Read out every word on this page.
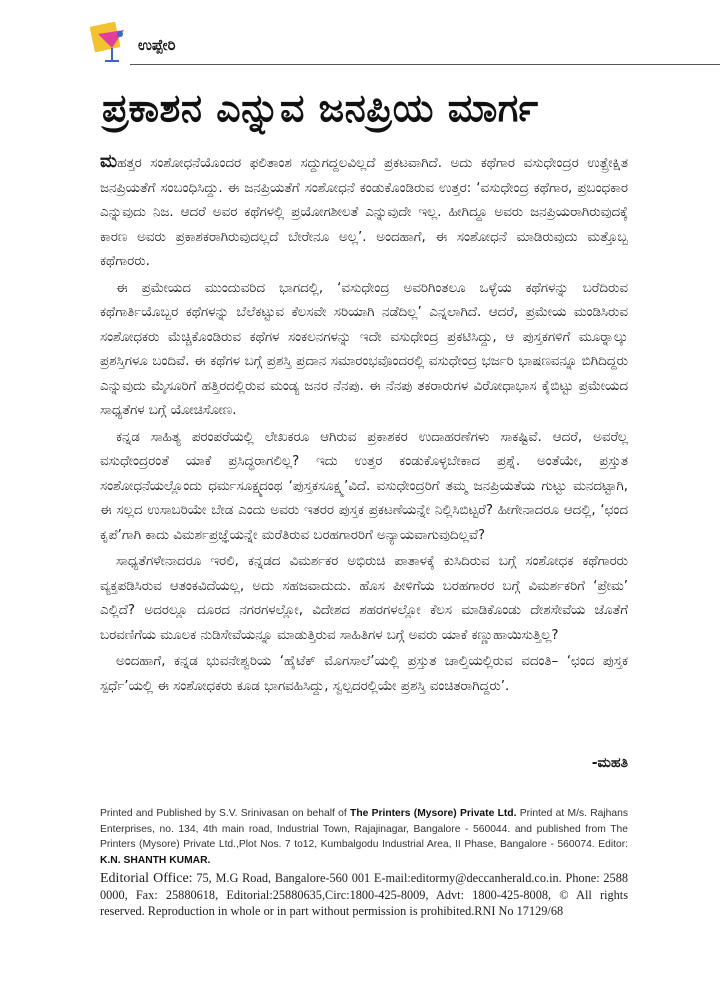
ಉಪ್ಪೇರಿ
ಪ್ರಕಾಶನ ಎನ್ನುವ ಜನಪ್ರಿಯ ಮಾರ್ಗ

ಮಹತ್ತರ ಸಂಶೋಧನೆಯೊಂದರ ಫಲಿತಾಂಶ ಸದ್ದುಗದ್ದಲವಿಲ್ಲದೆ ಪ್ರಕಟವಾಗಿದೆ. ಅದು ಕಥೆಗಾರ ವಸುಧೇಂದ್ರರ ಉತ್ಪ್ರೇಕ್ಷಿತ ಜನಪ್ರಿಯತೆಗೆ ಸಂಬಂಧಿಸಿದ್ದು. ಈ ಜನಪ್ರಿಯತೆಗೆ ಸಂಶೋಧನೆ ಕಂಡುಕೊಂಡಿರುವ ಉತ್ತರ: ‘ವಸುಧೇಂದ್ರ ಕಥೆಗಾರ, ಪ್ರಬಂಧಕಾರ ಎನ್ನುವುದು ನಿಜ. ಆದರೆ ಅವರ ಕಥೆಗಳಲ್ಲಿ ಪ್ರಯೋಗಶೀಲತೆ ಎನ್ನುವುದೇ ಇಲ್ಲ. ಹೀಗಿದ್ದೂ ಅವರು ಜನಪ್ರಿಯರಾಗಿರುವುದಕ್ಕೆ ಕಾರಣ ಅವರು ಪ್ರಕಾಶಕರಾಗಿರುವುದಲ್ಲದೆ ಬೇರೇನೂ ಅಲ್ಲ’. ಅಂದಹಾಗೆ, ಈ ಸಂಶೋಧನೆ ಮಾಡಿರುವುದು ಮತ್ತೊಬ್ಬ ಕಥೆಗಾರರು.

ಈ ಪ್ರಮೇಯದ ಮುಂದುವರಿದ ಭಾಗದಲ್ಲಿ, ‘ವಸುಧೇಂದ್ರ ಅವರಿಗಿಂತಲೂ ಒಳ್ಳೆಯ ಕಥೆಗಳನ್ನು ಬರೆದಿರುವ ಕಥೆಗಾರ್ತಿಯೊಬ್ಬರ ಕಥೆಗಳನ್ನು ಬೆಲೆಕಟ್ಟುವ ಕೆಲಸವೇ ಸರಿಯಾಗಿ ನಡೆದಿಲ್ಲ’ ಎನ್ನಲಾಗಿದೆ. ಆದರೆ, ಪ್ರಮೇಯ ಮಂಡಿಸಿರುವ ಸಂಶೋಧಕರು ಮೆಚ್ಚಿಕೊಂಡಿರುವ ಕಥೆಗಳ ಸಂಕಲನಗಳನ್ನು ಇದೇ ವಸುಧೇಂದ್ರ ಪ್ರಕಟಿಸಿದ್ದು, ಆ ಪುಸ್ತಕಗಳಿಗೆ ಮೂರ್‍ನಾಲ್ಕು ಪ್ರಶಸ್ತಿಗಳೂ ಬಂದಿವೆ. ಈ ಕಥೆಗಳ ಬಗ್ಗೆ ಪ್ರಶಸ್ತಿ ಪ್ರದಾನ ಸಮಾರಂಭವೊಂದರಲ್ಲಿ ವಸುಧೇಂದ್ರ ಭರ್ಜರಿ ಭಾಷಣವನ್ನೂ ಬಿಗಿದಿದ್ದರು ಎನ್ನುವುದು ಮೈಸೂರಿಗೆ ಹತ್ತಿರದಲ್ಲಿರುವ ಮಂಡ್ಯ ಜನರ ನೆನಪು. ಈ ನೆನಪು ತಕರಾರುಗಳ ವಿರೋಧಾಭಾಸ ಕೈಬಿಟ್ಟು ಪ್ರಮೇಯದ ಸಾಧ್ಯತೆಗಳ ಬಗ್ಗೆ ಯೋಚಿಸೋಣ.

ಕನ್ನಡ ಸಾಹಿತ್ಯ ಪರಂಪರೆಯಲ್ಲಿ ಲೇಖಕರೂ ಆಗಿರುವ ಪ್ರಕಾಶಕರ ಉದಾಹರಣೆಗಳು ಸಾಕಷ್ಟಿವೆ. ಆದರೆ, ಅವರೆಲ್ಲ ವಸುಧೇಂದ್ರರಂತೆ ಯಾಕೆ ಪ್ರಸಿದ್ಧರಾಗಲಿಲ್ಲ? ಇದು ಉತ್ತರ ಕಂಡುಕೊಳ್ಳಬೇಕಾದ ಪ್ರಶ್ನೆ. ಅಂತೆಯೇ, ಪ್ರಸ್ತುತ ಸಂಶೋಧನೆಯಲ್ಲೊಂದು ಧರ್ಮಸೂಕ್ಷ್ಮದಂಥ ‘ಪುಸ್ತಕಸೂಕ್ಷ್ಮ’ವಿದೆ. ವಸುಧೇಂದ್ರರಿಗೆ ತಮ್ಮ ಜನಪ್ರಿಯತೆಯ ಗುಟ್ಟು ಮನದಟ್ಟಾಗಿ, ಈ ಸಲ್ಲದ ಉಸಾಬರಿಯೇ ಬೇಡ ಎಂದು ಅವರು ಇತರರ ಪುಸ್ತಕ ಪ್ರಕಟಣೆಯನ್ನೇ ನಿಲ್ಲಿಸಿಬಿಟ್ಟರೆ? ಹೀಗೇನಾದರೂ ಆದಲ್ಲಿ, ‘ಛಂದ ಕೃಪೆ’ಗಾಗಿ ಕಾದು ವಿಮರ್ಶಪ್ರಜ್ಞೆಯನ್ನೇ ಮರೆತಿರುವ ಬರಹಗಾರರಿಗೆ ಅನ್ಯಾಯವಾಗುವುದಿಲ್ಲವೆ?

ಸಾಧ್ಯತೆಗಳೇನಾದರೂ ಇರಲಿ, ಕನ್ನಡದ ವಿಮರ್ಶಕರ ಅಭಿರುಚಿ ಪಾತಾಳಕ್ಕೆ ಕುಸಿದಿರುವ ಬಗ್ಗೆ ಸಂಶೋಧಕ ಕಥೆಗಾರರು ವ್ಯಕ್ತಪಡಿಸಿರುವ ಆತಂಕವಿದೆಯಲ್ಲ, ಅದು ಸಹಜವಾದುದು. ಹೊಸ ಪೀಳಿಗೆಯ ಬರಹಗಾರರ ಬಗ್ಗೆ ವಿಮರ್ಶಕರಿಗೆ ‘ಪ್ರೇಮ’ ಎಲ್ಲಿದೆ? ಅದರಲ್ಲೂ ದೂರದ ನಗರಗಳಲ್ಲೋ, ವಿದೇಶದ ಶಹರಗಳಲ್ಲೋ ಕೆಲಸ ಮಾಡಿಕೊಂಡು ದೇಶಸೇವೆಯ ಜೊತೆಗೆ ಬರವಣಿಗೆಯ ಮೂಲಕ ನುಡಿಸೇವೆಯನ್ನೂ ಮಾಡುತ್ತಿರುವ ಸಾಹಿತಿಗಳ ಬಗ್ಗೆ ಅವರು ಯಾಕೆ ಕಣ್ಣುಹಾಯಿಸುತ್ತಿಲ್ಲ?

ಅಂದಹಾಗೆ, ಕನ್ನಡ ಭುವನೇಶ್ವರಿಯ ‘ಹೈಟೆಕ್ ಮೊಗಸಾಲೆ’ಯಲ್ಲಿ ಪ್ರಸ್ತುತ ಚಾಲ್ತಿಯಲ್ಲಿರುವ ವದಂತಿ– ‘ಛಂದ ಪುಸ್ತಕ ಸ್ಪರ್ಧೆ’ಯಲ್ಲಿ ಈ ಸಂಶೋಧಕರು ಕೂಡ ಭಾಗವಹಿಸಿದ್ದು, ಸ್ವಲ್ಪದರಲ್ಲಿಯೇ ಪ್ರಶಸ್ತಿ ವಂಚಿತರಾಗಿದ್ದರು’.

-ಮಹತಿ
Printed and Published by S.V. Srinivasan on behalf of The Printers (Mysore) Private Ltd. Printed at M/s. Rajhans Enterprises, no. 134, 4th main road, Industrial Town, Rajajinagar, Bangalore - 560044. and published from The Printers (Mysore) Private Ltd.,Plot Nos. 7 to12, Kumbalgodu Industrial Area, II Phase, Bangalore - 560074. Editor: K.N. SHANTH KUMAR.
Editorial Office: 75, M.G Road, Bangalore-560 001 E-mail:editormy@deccanherald.co.in. Phone: 2588 0000, Fax: 25880618, Editorial:25880635,Circ:1800-425-8009, Advt: 1800-425-8008, © All rights reserved. Reproduction in whole or in part without permission is prohibited.RNI No 17129/68
